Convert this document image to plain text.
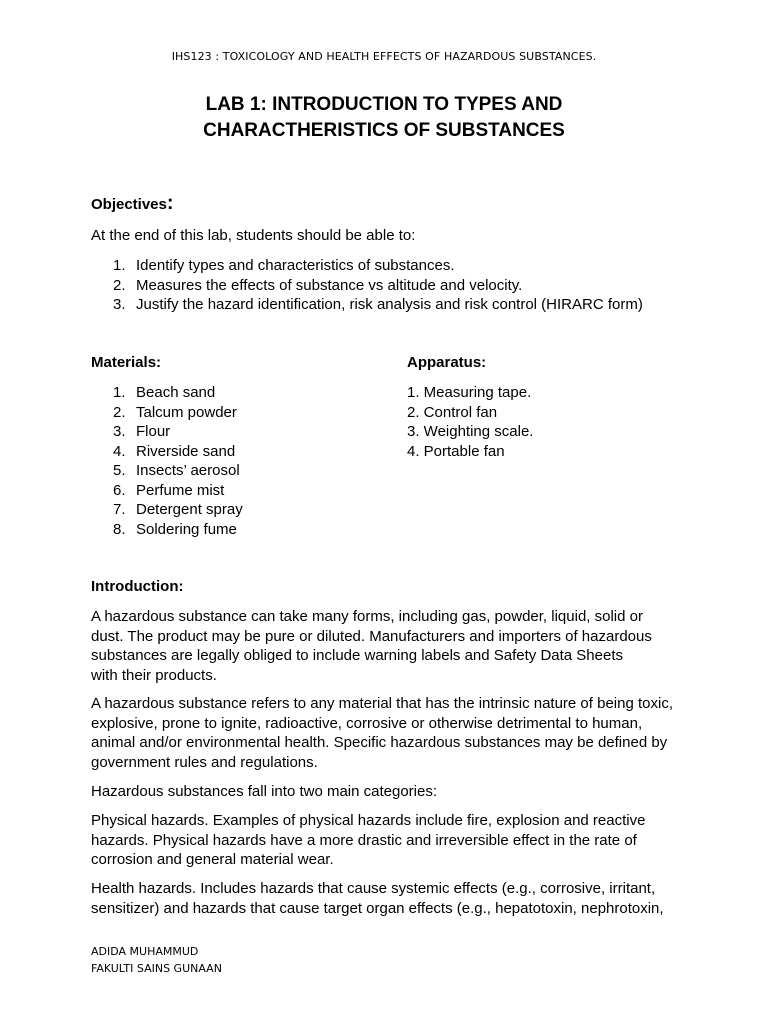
IHS123 : TOXICOLOGY AND HEALTH EFFECTS OF HAZARDOUS SUBSTANCES.
LAB 1: INTRODUCTION TO TYPES AND
CHARACTHERISTICS OF SUBSTANCES
Objectives:
At the end of this lab, students should be able to:
1. Identify types and characteristics of substances.
2. Measures the effects of substance vs altitude and velocity.
3. Justify the hazard identification, risk analysis and risk control (HIRARC form)
Materials:	Apparatus:
1. Beach sand
2. Talcum powder
3. Flour
4. Riverside sand
5. Insects’ aerosol
6. Perfume mist
7. Detergent spray
8. Soldering fume
1. Measuring tape.
2. Control fan
3. Weighting scale.
4. Portable fan
Introduction:
A hazardous substance can take many forms, including gas, powder, liquid, solid or
dust. The product may be pure or diluted. Manufacturers and importers of hazardous
substances are legally obliged to include warning labels and Safety Data Sheets
with their products.
A hazardous substance refers to any material that has the intrinsic nature of being toxic,
explosive, prone to ignite, radioactive, corrosive or otherwise detrimental to human,
animal and/or environmental health. Specific hazardous substances may be defined by
government rules and regulations.
Hazardous substances fall into two main categories:
Physical hazards. Examples of physical hazards include fire, explosion and reactive
hazards. Physical hazards have a more drastic and irreversible effect in the rate of
corrosion and general material wear.
Health hazards. Includes hazards that cause systemic effects (e.g., corrosive, irritant,
sensitizer) and hazards that cause target organ effects (e.g., hepatotoxin, nephrotoxin,
ADIDA MUHAMMUD
FAKULTI SAINS GUNAAN
